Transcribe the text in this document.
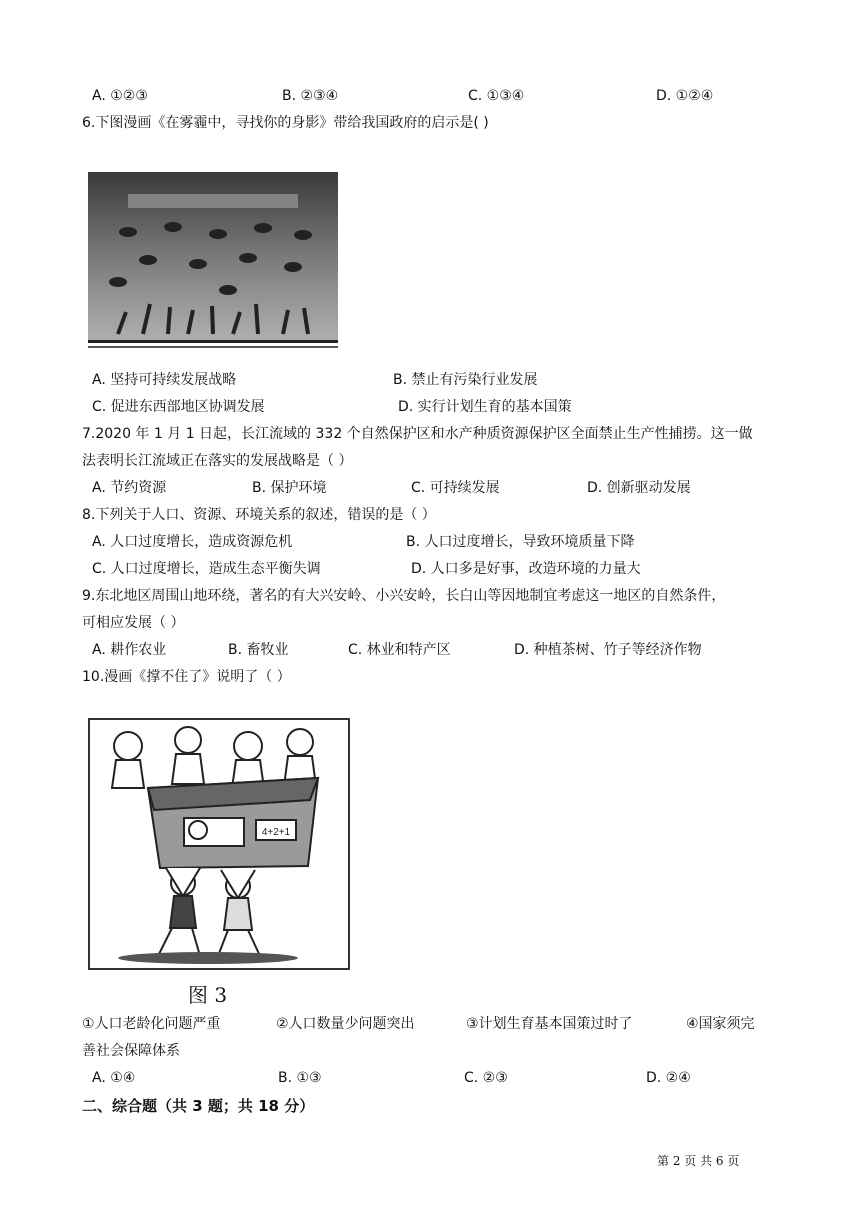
A. ①②③	B. ②③④	C. ①③④	D. ①②④
6.下图漫画《在雾霾中，寻找你的身影》带给我国政府的启示是( )
A. 坚持可持续发展战略	B. 禁止有污染行业发展
C. 促进东西部地区协调发展	D. 实行计划生育的基本国策
7.2020 年 1 月 1 日起，长江流域的 332 个自然保护区和水产种质资源保护区全面禁止生产性捕捞。这一做
法表明长江流域正在落实的发展战略是（ ）
A. 节约资源	B. 保护环境	C. 可持续发展	D. 创新驱动发展
8.下列关于人口、资源、环境关系的叙述，错误的是（ ）
A. 人口过度增长，造成资源危机	B. 人口过度增长，导致环境质量下降
C. 人口过度增长，造成生态平衡失调	D. 人口多是好事，改造环境的力量大
9.东北地区周围山地环绕，著名的有大兴安岭、小兴安岭，长白山等因地制宜考虑这一地区的自然条件，
可相应发展（ ）
A. 耕作农业	B. 畜牧业	C. 林业和特产区	D. 种植茶树、竹子等经济作物
10.漫画《撑不住了》说明了（ ）
4+2+1
图 3
①人口老龄化问题严重	②人口数量少问题突出	③计划生育基本国策过时了	④国家须完
善社会保障体系
A. ①④	B. ①③	C. ②③	D. ②④
二、综合题（共 3 题；共 18 分）
第 2 页 共 6 页
